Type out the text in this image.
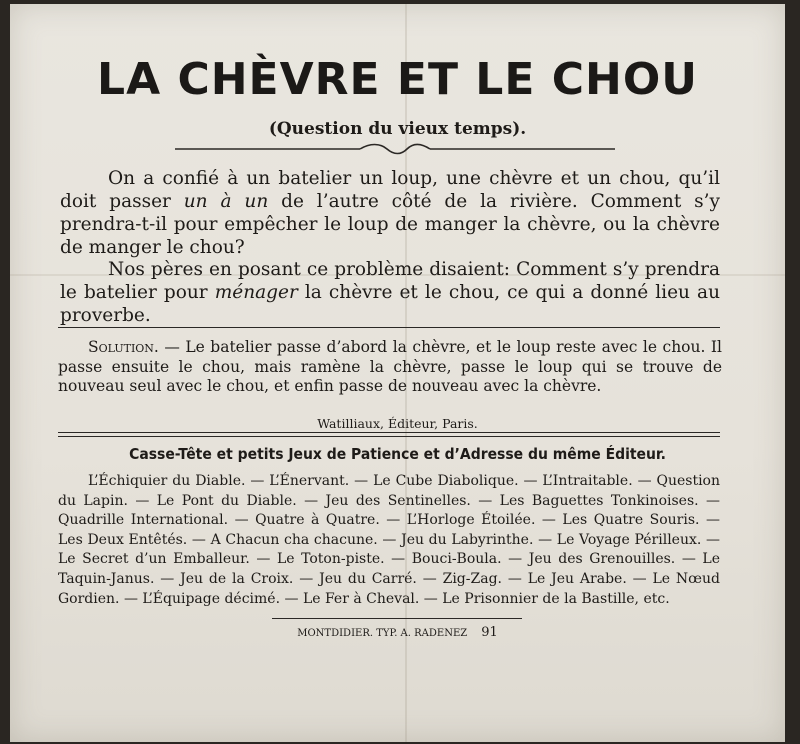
LA CHÈVRE ET LE CHOU
(Question du vieux temps).
On a confié à un batelier un loup, une chèvre et un chou, qu’il doit passer un à un de l’autre côté de la rivière. Comment s’y prendra-t-il pour empêcher le loup de manger la chèvre, ou la chèvre de manger le chou?
Nos pères en posant ce problème disaient: Comment s’y prendra le batelier pour ménager la chèvre et le chou, ce qui a donné lieu au proverbe.
Solution. — Le batelier passe d’abord la chèvre, et le loup reste avec le chou. Il passe ensuite le chou, mais ramène la chèvre, passe le loup qui se trouve de nouveau seul avec le chou, et enfin passe de nouveau avec la chèvre.
Watilliaux, Éditeur, Paris.
Casse-Tête et petits Jeux de Patience et d’Adresse du même Éditeur.
L’Échiquier du Diable. — L’Énervant. — Le Cube Diabolique. — L’Intraitable. — Question du Lapin. — Le Pont du Diable. — Jeu des Sentinelles. — Les Baguettes Tonkinoises. — Quadrille International. — Quatre à Quatre. — L’Horloge Étoilée. — Les Quatre Souris. — Les Deux Entêtés. — A Chacun cha chacune. — Jeu du Labyrinthe. — Le Voyage Périlleux. — Le Secret d’un Emballeur. — Le Toton-piste. — Bouci-Boula. — Jeu des Grenouilles. — Le Taquin-Janus. — Jeu de la Croix. — Jeu du Carré. — Zig-Zag. — Le Jeu Arabe. — Le Nœud Gordien. — L’Équipage décimé. — Le Fer à Cheval. — Le Prisonnier de la Bastille, etc.
MONTDIDIER. TYP. A. RADENEZ 91
